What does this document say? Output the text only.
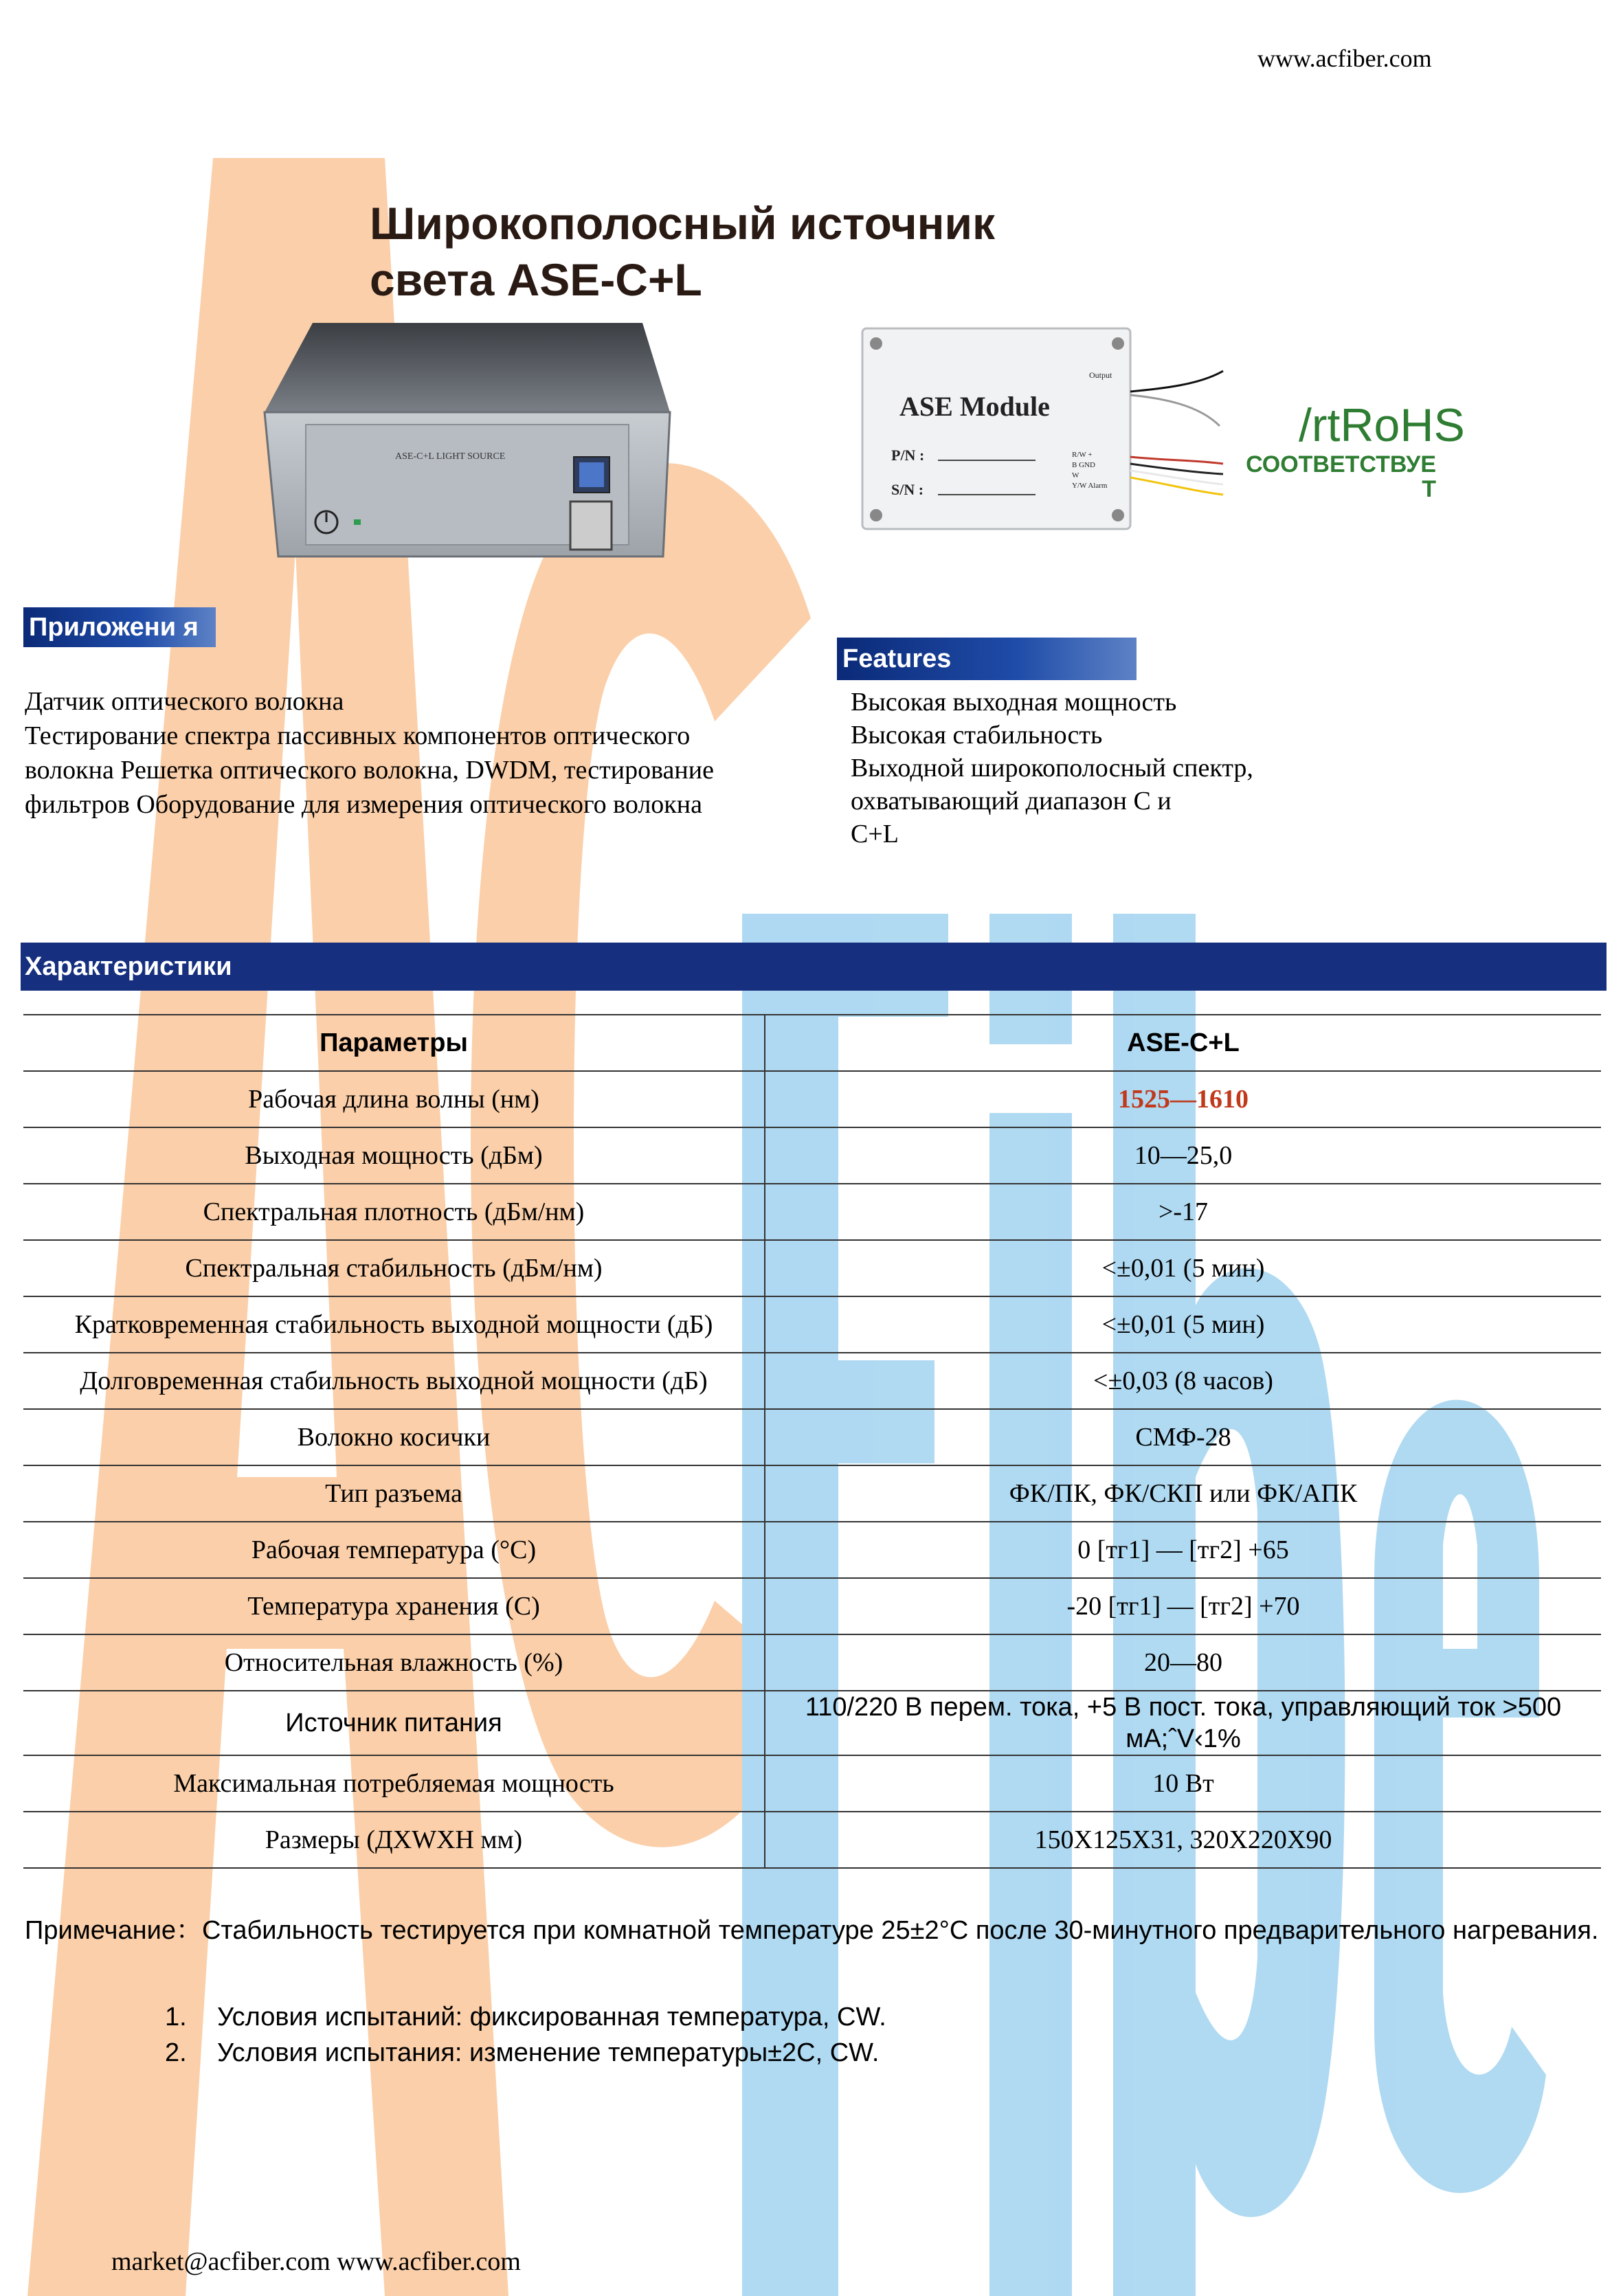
www.acfiber.com
Широкополосный источник
света ASE-C+L
ASE-C+L LIGHT SOURCE
ASE Module
P/N :
S/N :
Output
R/W +
B GND
W
Y/W Alarm
/rtRoHS
СООТВЕТСТВУЕ Т
Приложени я
Датчик оптического волокна
Тестирование спектра пассивных компонентов оптического
волокна Решетка оптического волокна, DWDM, тестирование
фильтров Оборудование для измерения оптического волокна
Features
Высокая выходная мощность
Высокая стабильность
Выходной широкополосный спектр,
охватывающий диапазон C и
C+L
Характеристики
Параметры	ASE-C+L
Рабочая длина волны (нм)	1525—1610
Выходная мощность (дБм)	10—25,0
Спектральная плотность (дБм/нм)	>-17
Спектральная стабильность (дБм/нм)	<±0,01 (5 мин)
Кратковременная стабильность выходной мощности (дБ)	<±0,01 (5 мин)
Долговременная стабильность выходной мощности (дБ)	<±0,03 (8 часов)
Волокно косички	СМФ-28
Тип разъема	ФК/ПК, ФК/СКП или ФК/АПК
Рабочая температура (°C)	0 [тг1] — [тг2] +65
Температура хранения (C)	-20 [тг1] — [тг2] +70
Относительная влажность (%)	20—80
Источник питания	110/220 В перем. тока, +5 В пост. тока, управляющий ток >500 мА;ˆV‹1%
Максимальная потребляемая мощность	10 Вт
Размеры (ДXWXН мм)	150X125X31, 320X220X90
Примечание：Стабильность тестируется при комнатной температуре 25±2°C после 30-минутного предварительного нагревания.
1. Условия испытаний: фиксированная температура, CW.
2. Условия испытания: изменение температуры±2C, CW.
market@acfiber.com www.acfiber.com
